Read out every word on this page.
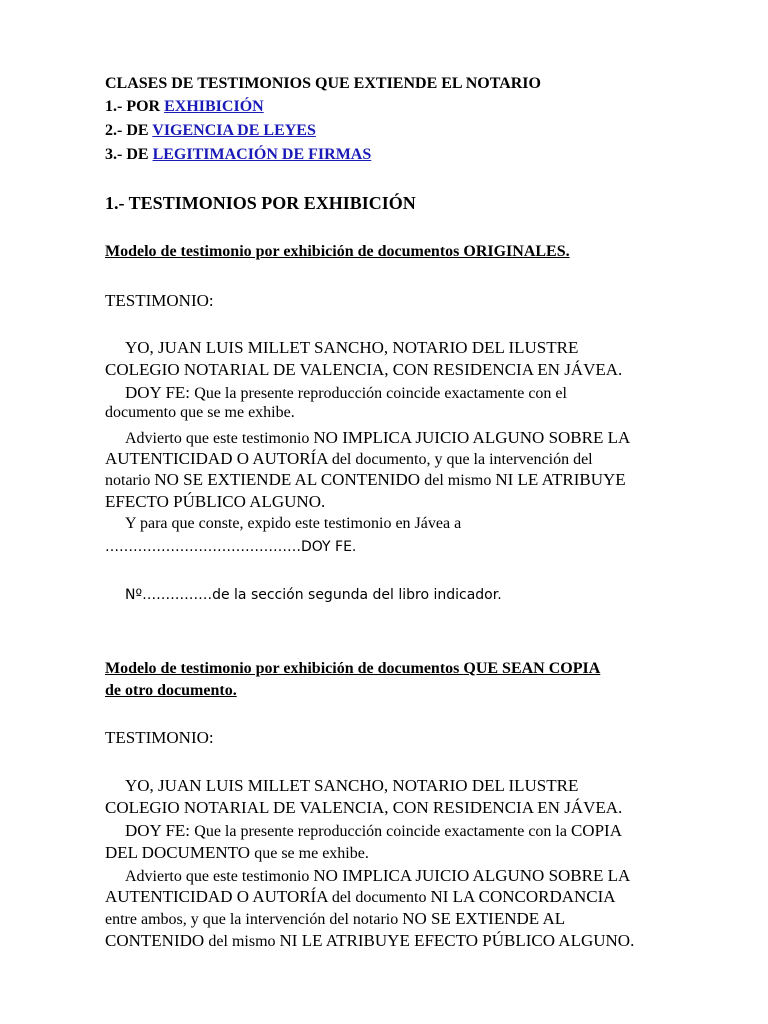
CLASES DE TESTIMONIOS QUE EXTIENDE EL NOTARIO
1.- POR EXHIBICIÓN
2.- DE VIGENCIA DE LEYES
3.- DE LEGITIMACIÓN DE FIRMAS
1.- TESTIMONIOS POR EXHIBICIÓN
Modelo de testimonio por exhibición de documentos ORIGINALES.
TESTIMONIO:
YO, JUAN LUIS MILLET SANCHO, NOTARIO DEL ILUSTRE
COLEGIO NOTARIAL DE VALENCIA, CON RESIDENCIA EN JÁVEA.
DOY FE: Que la presente reproducción coincide exactamente con el
documento que se me exhibe.
Advierto que este testimonio NO IMPLICA JUICIO ALGUNO SOBRE LA
AUTENTICIDAD O AUTORÍA del documento, y que la intervención del
notario NO SE EXTIENDE AL CONTENIDO del mismo NI LE ATRIBUYE
EFECTO PÚBLICO ALGUNO.
Y para que conste, expido este testimonio en Jávea a
……………………………………DOY FE.
Nº……………de la sección segunda del libro indicador.
Modelo de testimonio por exhibición de documentos QUE SEAN COPIA
de otro documento.
TESTIMONIO:
YO, JUAN LUIS MILLET SANCHO, NOTARIO DEL ILUSTRE
COLEGIO NOTARIAL DE VALENCIA, CON RESIDENCIA EN JÁVEA.
DOY FE: Que la presente reproducción coincide exactamente con la COPIA
DEL DOCUMENTO que se me exhibe.
Advierto que este testimonio NO IMPLICA JUICIO ALGUNO SOBRE LA
AUTENTICIDAD O AUTORÍA del documento NI LA CONCORDANCIA
entre ambos, y que la intervención del notario NO SE EXTIENDE AL
CONTENIDO del mismo NI LE ATRIBUYE EFECTO PÚBLICO ALGUNO.
